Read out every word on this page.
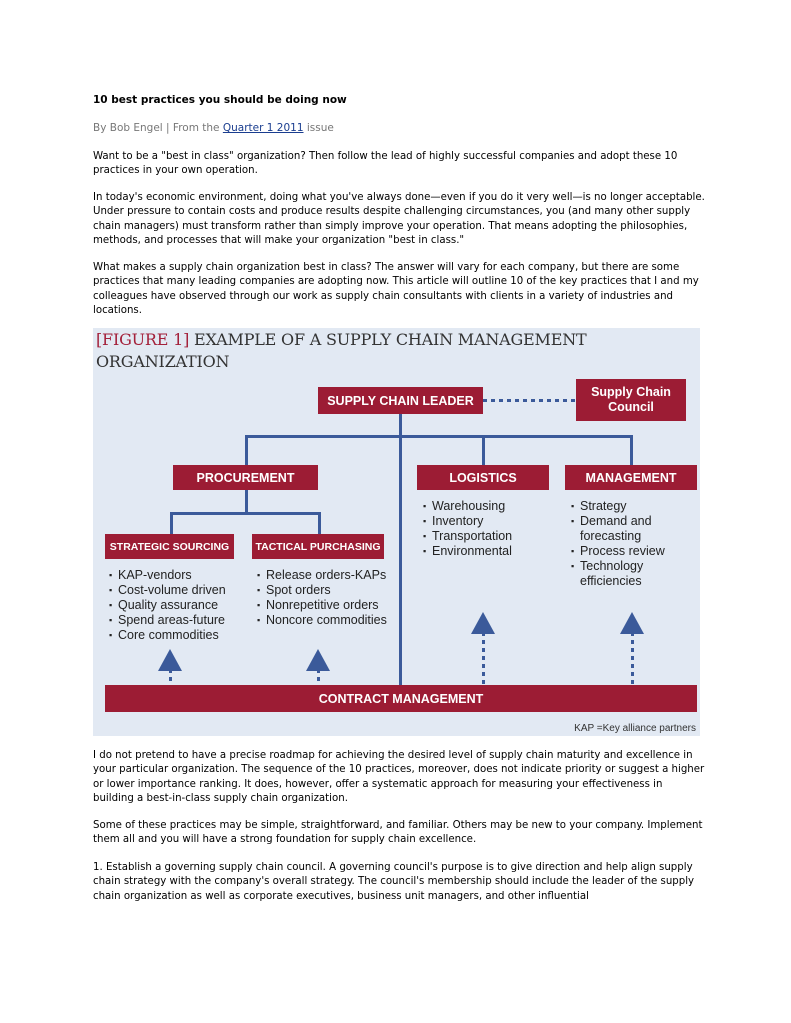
10 best practices you should be doing now
By Bob Engel | From the Quarter 1 2011 issue

Want to be a "best in class" organization? Then follow the lead of highly successful companies and adopt these 10 practices in your own operation.

In today's economic environment, doing what you've always done—even if you do it very well—is no longer acceptable. Under pressure to contain costs and produce results despite challenging circumstances, you (and many other supply chain managers) must transform rather than simply improve your operation. That means adopting the philosophies, methods, and processes that will make your organization "best in class."

What makes a supply chain organization best in class? The answer will vary for each company, but there are some practices that many leading companies are adopting now. This article will outline 10 of the key practices that I and my colleagues have observed through our work as supply chain consultants with clients in a variety of industries and locations.

[FIGURE 1] EXAMPLE OF A SUPPLY CHAIN MANAGEMENT
ORGANIZATION
SUPPLY CHAIN LEADER
Supply Chain Council
PROCUREMENT	LOGISTICS	MANAGEMENT
STRATEGIC SOURCING	TACTICAL PURCHASING
CONTRACT MANAGEMENT
▪ KAP-vendors
▪ Cost-volume driven
▪ Quality assurance
▪ Spend areas-future
▪ Core commodities
▪ Release orders-KAPs
▪ Spot orders
▪ Nonrepetitive orders
▪ Noncore commodities
▪ Warehousing
▪ Inventory
▪ Transportation
▪ Environmental
▪ Strategy
▪ Demand and forecasting
▪ Process review
▪ Technology efficiencies
KAP =Key alliance partners

I do not pretend to have a precise roadmap for achieving the desired level of supply chain maturity and excellence in your particular organization. The sequence of the 10 practices, moreover, does not indicate priority or suggest a higher or lower importance ranking. It does, however, offer a systematic approach for measuring your effectiveness in building a best-in-class supply chain organization.

Some of these practices may be simple, straightforward, and familiar. Others may be new to your company. Implement them all and you will have a strong foundation for supply chain excellence.

1. Establish a governing supply chain council. A governing council's purpose is to give direction and help align supply chain strategy with the company's overall strategy. The council's membership should include the leader of the supply chain organization as well as corporate executives, business unit managers, and other influential
